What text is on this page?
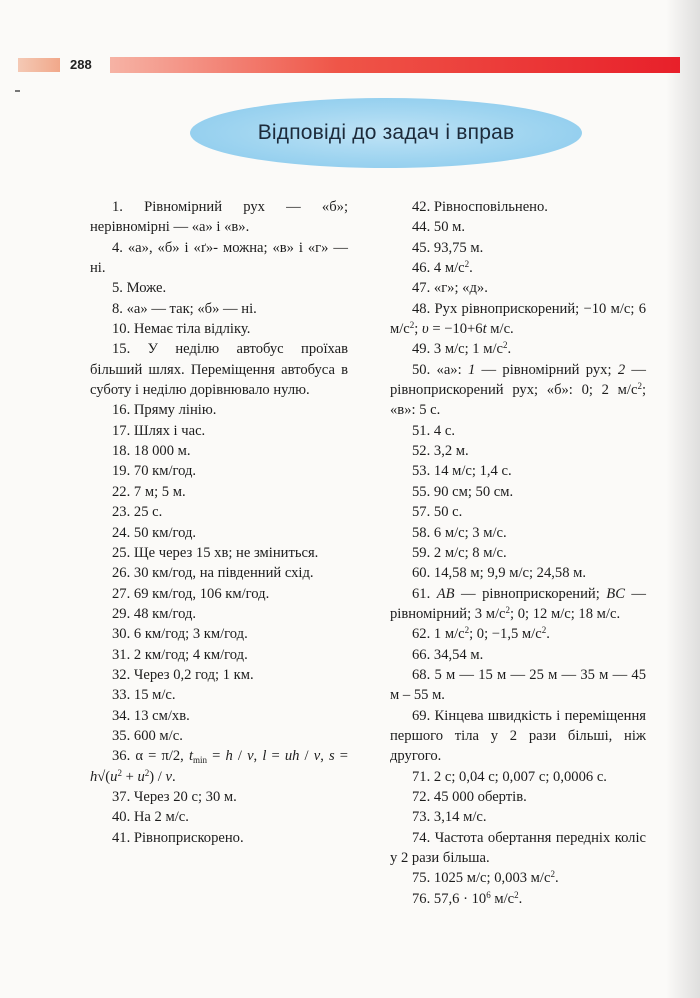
288
Відповіді до задач і вправ

1. Рівномірний рух — «б»; нерівномірні — «а» і «в».

4. «а», «б» і «ґ»- можна; «в» і «г» — ні.

5. Може.

8. «а» — так; «б» — ні.

10. Немає тіла відліку.

15. У неділю автобус проїхав більший шлях. Переміщення автобуса в суботу і неділю дорівнювало нулю.

16. Пряму лінію.

17. Шлях і час.

18. 18 000 м.

19. 70 км/год.

22. 7 м; 5 м.

23. 25 с.

24. 50 км/год.

25. Ще через 15 хв; не зміниться.

26. 30 км/год, на південний схід.

27. 69 км/год, 106 км/год.

29. 48 км/год.

30. 6 км/год; 3 км/год.

31. 2 км/год; 4 км/год.

32. Через 0,2 год; 1 км.

33. 15 м/с.

34. 13 см/хв.

35. 600 м/с.

36. α = π/2, $t_{min} = h / v$, l = uh / v, $s = h√(u^2 + u^2) / v$.

37. Через 20 с; 30 м.

40. На 2 м/с.

41. Рівноприскорено.

42. Рівносповільнено.

44. 50 м.

45. 93,75 м.

46. 4 $м/с^2$.

47. «г»; «д».

48. Рух рівноприскорений; −10 м/с; 6 $м/с^2$; υ = −10+6t м/с.

49. 3 м/с; 1 $м/с^2$.

50. «а»: 1 — рівномірний рух; 2 — рівноприскорений рух; «б»: 0; 2 $м/с^2$; «в»: 5 с.

51. 4 с.

52. 3,2 м.

53. 14 м/с; 1,4 с.

55. 90 см; 50 см.

57. 50 с.

58. 6 м/с; 3 м/с.

59. 2 м/с; 8 м/с.

60. 14,58 м; 9,9 м/с; 24,58 м.

61. AB — рівноприскорений; BC — рівномірний; 3 $м/с^2$; 0; 12 м/с; 18 м/с.

62. 1 $м/с^2$; 0; −1,5 $м/с^2$.

66. 34,54 м.

68. 5 м — 15 м — 25 м — 35 м — 45 м – 55 м.

69. Кінцева швидкість і переміщення першого тіла у 2 рази більші, ніж другого.

71. 2 с; 0,04 с; 0,007 с; 0,0006 с.

72. 45 000 обертів.

73. 3,14 м/с.

74. Частота обертання передніх коліс у 2 рази більша.

75. 1025 м/с; 0,003 $м/с^2$.

76. $57,6 \cdot 10^6$ $м/с^2$.
